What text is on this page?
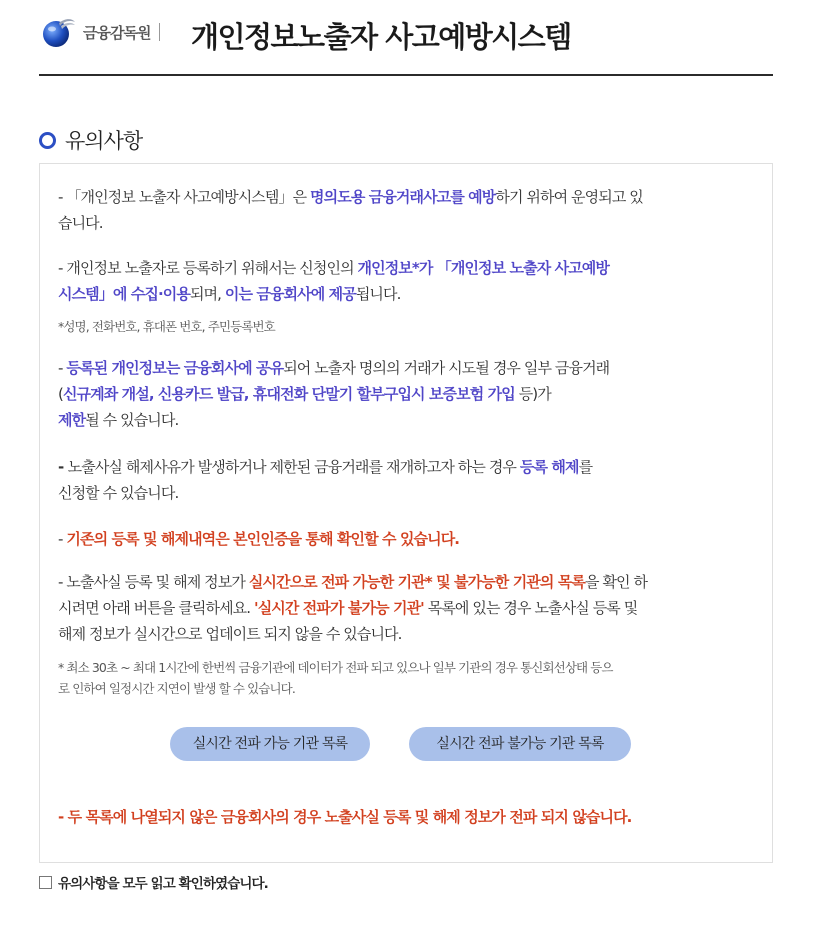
금융감독원 개인정보노출자 사고예방시스템
유의사항
- 「개인정보 노출자 사고예방시스템」은 명의도용 금융거래사고를 예방하기 위하여 운영되고 있
습니다.
- 개인정보 노출자로 등록하기 위해서는 신청인의 개인정보*가 「개인정보 노출자 사고예방
시스템」에 수집·이용되며, 이는 금융회사에 제공됩니다.
*성명, 전화번호, 휴대폰 번호, 주민등록번호
- 등록된 개인정보는 금융회사에 공유되어 노출자 명의의 거래가 시도될 경우 일부 금융거래
(신규계좌 개설, 신용카드 발급, 휴대전화 단말기 할부구입시 보증보험 가입 등)가
제한될 수 있습니다.
- 노출사실 해제사유가 발생하거나 제한된 금융거래를 재개하고자 하는 경우 등록 해제를
신청할 수 있습니다.
- 기존의 등록 및 해제내역은 본인인증을 통해 확인할 수 있습니다.
- 노출사실 등록 및 해제 정보가 실시간으로 전파 가능한 기관* 및 불가능한 기관의 목록을 확인 하
시려면 아래 버튼을 클릭하세요. '실시간 전파가 불가능 기관' 목록에 있는 경우 노출사실 등록 및
해제 정보가 실시간으로 업데이트 되지 않을 수 있습니다.
* 최소 30초 ~ 최대 1시간에 한번씩 금융기관에 데이터가 전파 되고 있으나 일부 기관의 경우 통신회선상태 등으
로 인하여 일정시간 지연이 발생 할 수 있습니다.
실시간 전파 가능 기관 목록	실시간 전파 불가능 기관 목록
- 두 목록에 나열되지 않은 금융회사의 경우 노출사실 등록 및 해제 정보가 전파 되지 않습니다.
유의사항을 모두 읽고 확인하였습니다.
